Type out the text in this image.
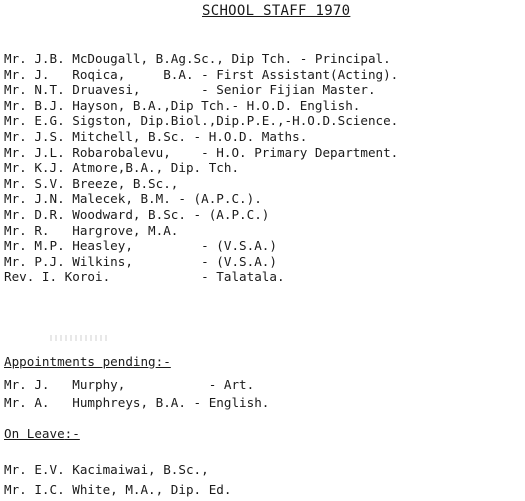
SCHOOL STAFF 1970
Mr. J.B. McDougall, B.Ag.Sc., Dip Tch. - Principal.
Mr. J.   Roqica,     B.A. - First Assistant(Acting).
Mr. N.T. Druavesi,        - Senior Fijian Master.
Mr. B.J. Hayson, B.A.,Dip Tch.- H.O.D. English.
Mr. E.G. Sigston, Dip.Biol.,Dip.P.E.,-H.O.D.Science.
Mr. J.S. Mitchell, B.Sc. - H.O.D. Maths.
Mr. J.L. Robarobalevu,    - H.O. Primary Department.
Mr. K.J. Atmore,B.A., Dip. Tch.
Mr. S.V. Breeze, B.Sc.,
Mr. J.N. Malecek, B.M. - (A.P.C.).
Mr. D.R. Woodward, B.Sc. - (A.P.C.)
Mr. R.   Hargrove, M.A.
Mr. M.P. Heasley,         - (V.S.A.)
Mr. P.J. Wilkins,         - (V.S.A.)
Rev. I. Koroi.            - Talatala.
Appointments pending:-
Mr. J.   Murphy,           - Art.
Mr. A.   Humphreys, B.A. - English.
On Leave:-
Mr. E.V. Kacimaiwai, B.Sc.,
Mr. I.C. White, M.A., Dip. Ed.
